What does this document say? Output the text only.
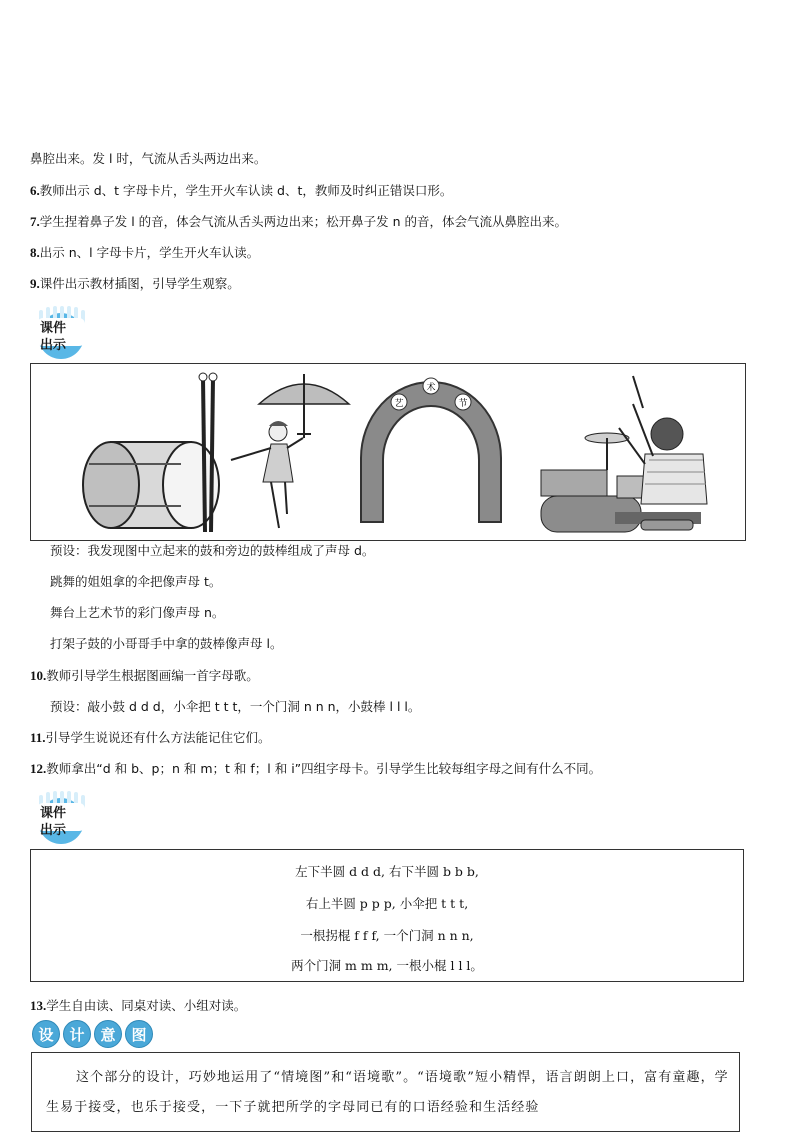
鼻腔出来。发 l 时，气流从舌头两边出来。
6.教师出示 d、t 字母卡片，学生开火车认读 d、t，教师及时纠正错误口形。
7.学生捏着鼻子发 l 的音，体会气流从舌头两边出来；松开鼻子发 n 的音，体会气流从鼻腔出来。
8.出示 n、l 字母卡片，学生开火车认读。
9.课件出示教材插图，引导学生观察。
课件
出示
艺
术
节
预设：我发现图中立起来的鼓和旁边的鼓棒组成了声母 d。
跳舞的姐姐拿的伞把像声母 t。
舞台上艺术节的彩门像声母 n。
打架子鼓的小哥哥手中拿的鼓棒像声母 l。
10.教师引导学生根据图画编一首字母歌。
预设：敲小鼓 d d d，小伞把 t t t，一个门洞 n n n，小鼓棒 l l l。
11.引导学生说说还有什么方法能记住它们。
12.教师拿出“d 和 b、p；n 和 m；t 和 f；l 和 i”四组字母卡。引导学生比较每组字母之间有什么不同。
课件
出示
左下半圆 d d d, 右下半圆 b b b,
右上半圆 p p p, 小伞把 t t t,
一根拐棍 f f f, 一个门洞 n n n,
两个门洞 m m m, 一根小棍 l l l。
13.学生自由读、同桌对读、小组对读。
设	计	意	图
这个部分的设计，巧妙地运用了“情境图”和“语境歌”。“语境歌”短小精悍，语言朗朗上口，富有童趣，学生易于接受，也乐于接受，一下子就把所学的字母同已有的口语经验和生活经验
